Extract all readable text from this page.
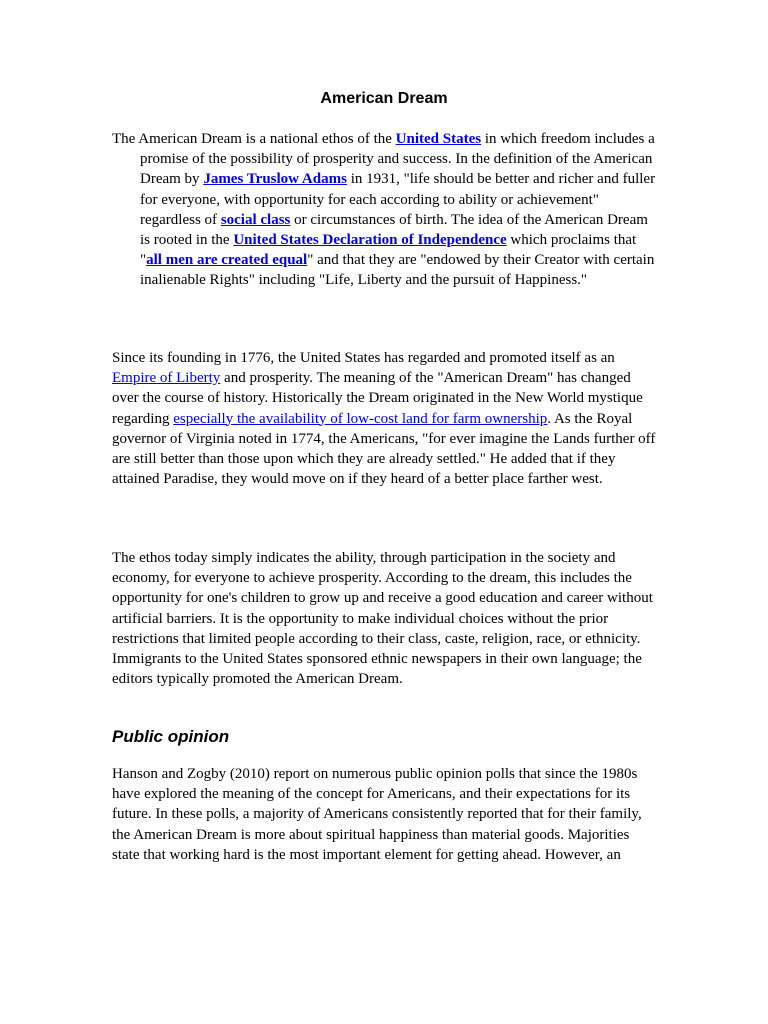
American Dream

The American Dream is a national ethos of the United States in which freedom includes a promise of the possibility of prosperity and success. In the definition of the American Dream by James Truslow Adams in 1931, "life should be better and richer and fuller for everyone, with opportunity for each according to ability or achievement" regardless of social class or circumstances of birth. The idea of the American Dream is rooted in the United States Declaration of Independence which proclaims that "all men are created equal" and that they are "endowed by their Creator with certain inalienable Rights" including "Life, Liberty and the pursuit of Happiness."

Since its founding in 1776, the United States has regarded and promoted itself as an Empire of Liberty and prosperity. The meaning of the "American Dream" has changed over the course of history. Historically the Dream originated in the New World mystique regarding especially the availability of low-cost land for farm ownership. As the Royal governor of Virginia noted in 1774, the Americans, "for ever imagine the Lands further off are still better than those upon which they are already settled." He added that if they attained Paradise, they would move on if they heard of a better place farther west.

The ethos today simply indicates the ability, through participation in the society and economy, for everyone to achieve prosperity. According to the dream, this includes the opportunity for one's children to grow up and receive a good education and career without artificial barriers. It is the opportunity to make individual choices without the prior restrictions that limited people according to their class, caste, religion, race, or ethnicity. Immigrants to the United States sponsored ethnic newspapers in their own language; the editors typically promoted the American Dream.

Public opinion

Hanson and Zogby (2010) report on numerous public opinion polls that since the 1980s have explored the meaning of the concept for Americans, and their expectations for its future. In these polls, a majority of Americans consistently reported that for their family, the American Dream is more about spiritual happiness than material goods. Majorities state that working hard is the most important element for getting ahead. However, an
